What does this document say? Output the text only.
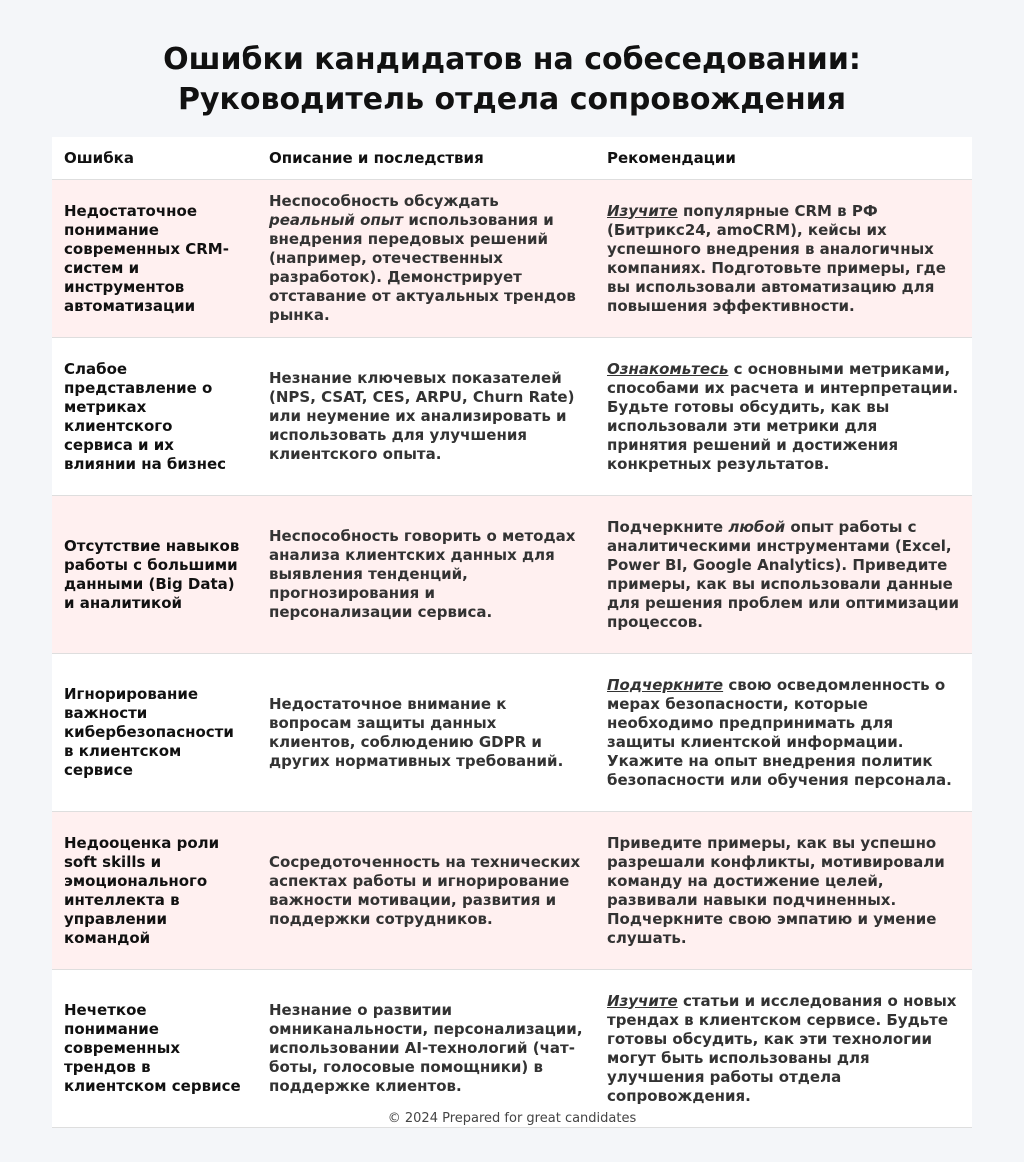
Ошибки кандидатов на собеседовании:
Руководитель отдела сопровождения
Ошибка	Описание и последствия	Рекомендации
Недостаточное понимание современных CRM-систем и инструментов автоматизации
Неспособность обсуждать реальный опыт использования и внедрения передовых решений (например, отечественных разработок). Демонстрирует отставание от актуальных трендов рынка.
Изучите популярные CRM в РФ (Битрикс24, amoCRM), кейсы их успешного внедрения в аналогичных компаниях. Подготовьте примеры, где вы использовали автоматизацию для повышения эффективности.
Слабое представление о метриках клиентского сервиса и их влиянии на бизнес
Незнание ключевых показателей (NPS, CSAT, CES, ARPU, Churn Rate) или неумение их анализировать и использовать для улучшения клиентского опыта.
Ознакомьтесь с основными метриками, способами их расчета и интерпретации. Будьте готовы обсудить, как вы использовали эти метрики для принятия решений и достижения конкретных результатов.
Отсутствие навыков работы с большими данными (Big Data) и аналитикой
Неспособность говорить о методах анализа клиентских данных для выявления тенденций, прогнозирования и персонализации сервиса.
Подчеркните любой опыт работы с аналитическими инструментами (Excel, Power BI, Google Analytics). Приведите примеры, как вы использовали данные для решения проблем или оптимизации процессов.
Игнорирование важности кибербезопасности в клиентском сервисе
Недостаточное внимание к вопросам защиты данных клиентов, соблюдению GDPR и других нормативных требований.
Подчеркните свою осведомленность о мерах безопасности, которые необходимо предпринимать для защиты клиентской информации. Укажите на опыт внедрения политик безопасности или обучения персонала.
Недооценка роли soft skills и эмоционального интеллекта в управлении командой
Сосредоточенность на технических аспектах работы и игнорирование важности мотивации, развития и поддержки сотрудников.
Приведите примеры, как вы успешно разрешали конфликты, мотивировали команду на достижение целей, развивали навыки подчиненных. Подчеркните свою эмпатию и умение слушать.
Нечеткое понимание современных трендов в клиентском сервисе
Незнание о развитии омниканальности, персонализации, использовании AI-технологий (чат-боты, голосовые помощники) в поддержке клиентов.
Изучите статьи и исследования о новых трендах в клиентском сервисе. Будьте готовы обсудить, как эти технологии могут быть использованы для улучшения работы отдела сопровождения.
© 2024 Prepared for great candidates
